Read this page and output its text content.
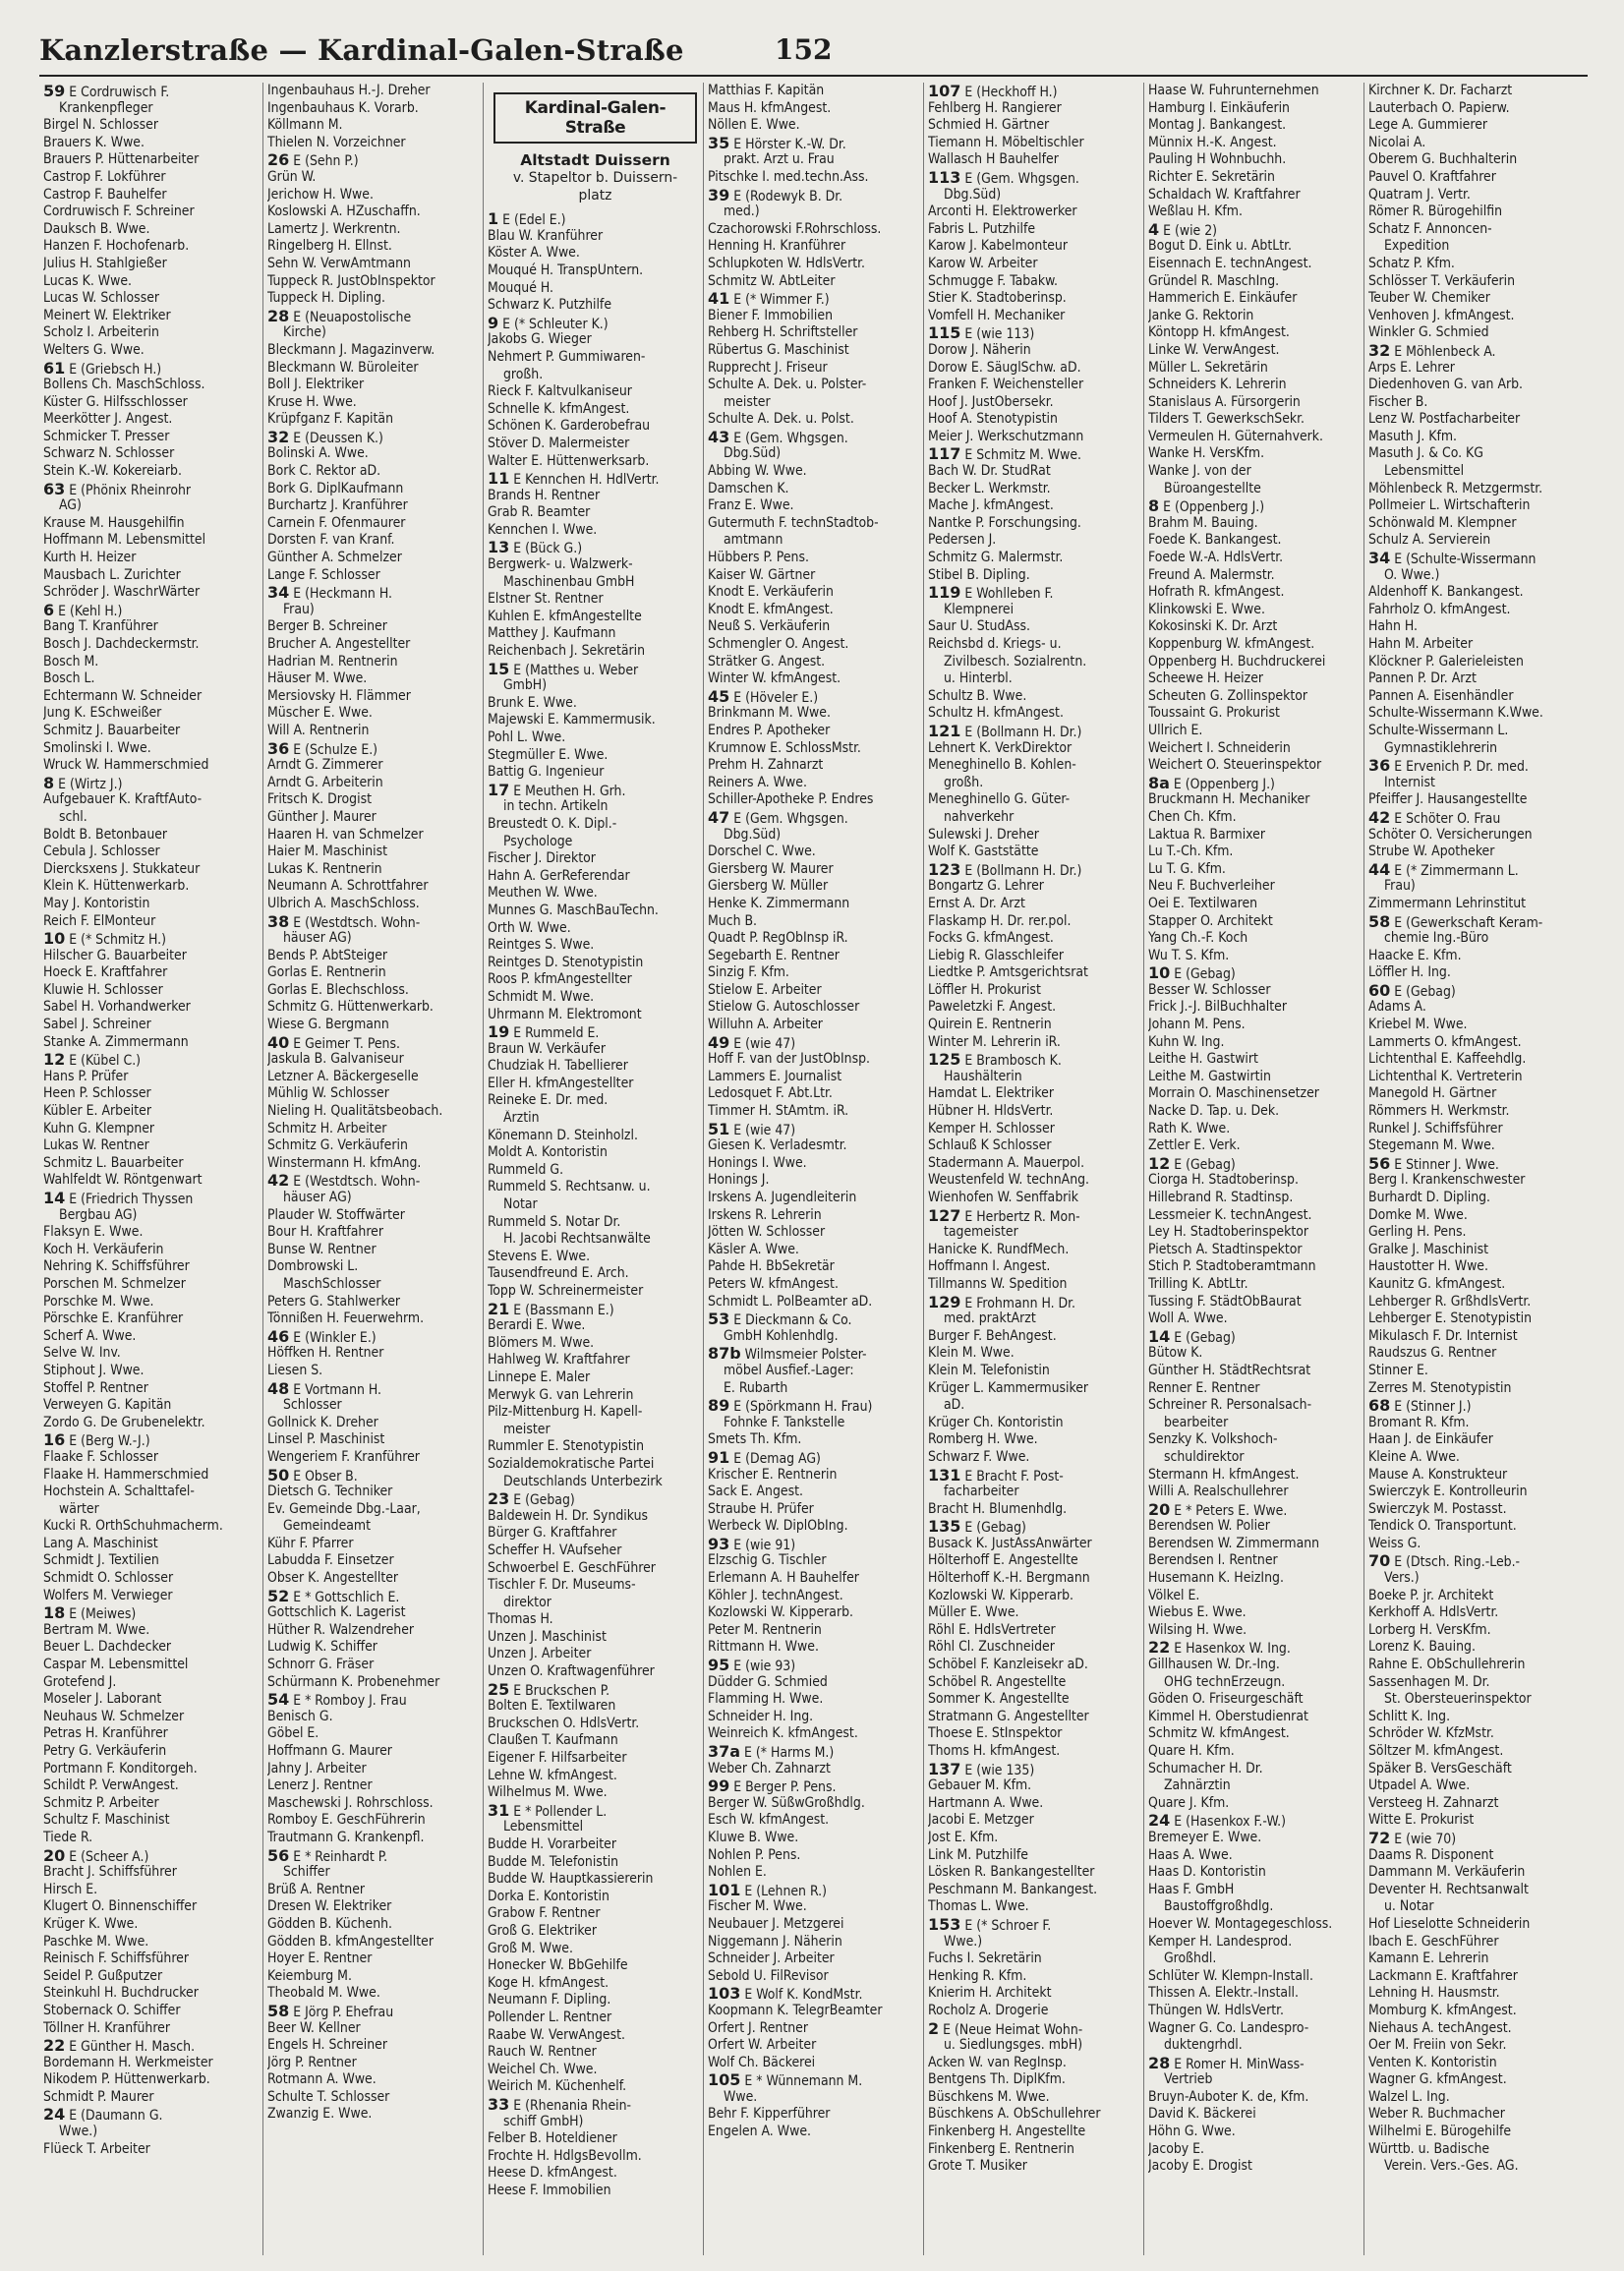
Kanzlerstraße — Kardinal-Galen-Straße	152
59 E Cordruwisch F.
Krankenpfleger
Birgel N. Schlosser
Brauers K. Wwe.
Brauers P. Hüttenarbeiter
Castrop F. Lokführer
Castrop F. Bauhelfer
Cordruwisch F. Schreiner
Dauksch B. Wwe.
Hanzen F. Hochofenarb.
Julius H. Stahlgießer
Lucas K. Wwe.
Lucas W. Schlosser
Meinert W. Elektriker
Scholz I. Arbeiterin
Welters G. Wwe.
61 E (Griebsch H.)
Bollens Ch. MaschSchloss.
Küster G. Hilfsschlosser
Meerkötter J. Angest.
Schmicker T. Presser
Schwarz N. Schlosser
Stein K.-W. Kokereiarb.
63 E (Phönix Rheinrohr
AG)
Krause M. Hausgehilfin
Hoffmann M. Lebensmittel
Kurth H. Heizer
Mausbach L. Zurichter
Schröder J. WaschrWärter
6 E (Kehl H.)
Bang T. Kranführer
Bosch J. Dachdeckermstr.
Bosch M.
Bosch L.
Echtermann W. Schneider
Jung K. ESchweißer
Schmitz J. Bauarbeiter
Smolinski I. Wwe.
Wruck W. Hammerschmied
8 E (Wirtz J.)
Aufgebauer K. KraftfAuto-
schl.
Boldt B. Betonbauer
Cebula J. Schlosser
Diercksxens J. Stukkateur
Klein K. Hüttenwerkarb.
May J. Kontoristin
Reich F. ElMonteur
10 E (* Schmitz H.)
Hilscher G. Bauarbeiter
Hoeck E. Kraftfahrer
Kluwie H. Schlosser
Sabel H. Vorhandwerker
Sabel J. Schreiner
Stanke A. Zimmermann
12 E (Kübel C.)
Hans P. Prüfer
Heen P. Schlosser
Kübler E. Arbeiter
Kuhn G. Klempner
Lukas W. Rentner
Schmitz L. Bauarbeiter
Wahlfeldt W. Röntgenwart
14 E (Friedrich Thyssen
Bergbau AG)
Flaksyn E. Wwe.
Koch H. Verkäuferin
Nehring K. Schiffsführer
Porschen M. Schmelzer
Porschke M. Wwe.
Pörschke E. Kranführer
Scherf A. Wwe.
Selve W. Inv.
Stiphout J. Wwe.
Stoffel P. Rentner
Verweyen G. Kapitän
Zordo G. De Grubenelektr.
16 E (Berg W.-J.)
Flaake F. Schlosser
Flaake H. Hammerschmied
Hochstein A. Schalttafel-
wärter
Kucki R. OrthSchuhmacherm.
Lang A. Maschinist
Schmidt J. Textilien
Schmidt O. Schlosser
Wolfers M. Verwieger
18 E (Meiwes)
Bertram M. Wwe.
Beuer L. Dachdecker
Caspar M. Lebensmittel
Grotefend J.
Moseler J. Laborant
Neuhaus W. Schmelzer
Petras H. Kranführer
Petry G. Verkäuferin
Portmann F. Konditorgeh.
Schildt P. VerwAngest.
Schmitz P. Arbeiter
Schultz F. Maschinist
Tiede R.
20 E (Scheer A.)
Bracht J. Schiffsführer
Hirsch E.
Klugert O. Binnenschiffer
Krüger K. Wwe.
Paschke M. Wwe.
Reinisch F. Schiffsführer
Seidel P. Gußputzer
Steinkuhl H. Buchdrucker
Stobernack O. Schiffer
Töllner H. Kranführer
22 E Günther H. Masch.
Bordemann H. Werkmeister
Nikodem P. Hüttenwerkarb.
Schmidt P. Maurer
24 E (Daumann G.
Wwe.)
Flüeck T. Arbeiter
Ingenbauhaus H.-J. Dreher
Ingenbauhaus K. Vorarb.
Köllmann M.
Thielen N. Vorzeichner
26 E (Sehn P.)
Grün W.
Jerichow H. Wwe.
Koslowski A. HZuschaffn.
Lamertz J. Werkrentn.
Ringelberg H. Ellnst.
Sehn W. VerwAmtmann
Tuppeck R. JustObInspektor
Tuppeck H. Dipling.
28 E (Neuapostolische
Kirche)
Bleckmann J. Magazinverw.
Bleckmann W. Büroleiter
Boll J. Elektriker
Kruse H. Wwe.
Krüpfganz F. Kapitän
32 E (Deussen K.)
Bolinski A. Wwe.
Bork C. Rektor aD.
Bork G. DiplKaufmann
Burchartz J. Kranführer
Carnein F. Ofenmaurer
Dorsten F. van Kranf.
Günther A. Schmelzer
Lange F. Schlosser
34 E (Heckmann H.
Frau)
Berger B. Schreiner
Brucher A. Angestellter
Hadrian M. Rentnerin
Häuser M. Wwe.
Mersiovsky H. Flämmer
Müscher E. Wwe.
Will A. Rentnerin
36 E (Schulze E.)
Arndt G. Zimmerer
Arndt G. Arbeiterin
Fritsch K. Drogist
Günther J. Maurer
Haaren H. van Schmelzer
Haier M. Maschinist
Lukas K. Rentnerin
Neumann A. Schrottfahrer
Ulbrich A. MaschSchloss.
38 E (Westdtsch. Wohn-
häuser AG)
Bends P. AbtSteiger
Gorlas E. Rentnerin
Gorlas E. Blechschloss.
Schmitz G. Hüttenwerkarb.
Wiese G. Bergmann
40 E Geimer T. Pens.
Jaskula B. Galvaniseur
Letzner A. Bäckergeselle
Mühlig W. Schlosser
Nieling H. Qualitätsbeobach.
Schmitz H. Arbeiter
Schmitz G. Verkäuferin
Winstermann H. kfmAng.
42 E (Westdtsch. Wohn-
häuser AG)
Plauder W. Stoffwärter
Bour H. Kraftfahrer
Bunse W. Rentner
Dombrowski L.
MaschSchlosser
Peters G. Stahlwerker
Tönnißen H. Feuerwehrm.
46 E (Winkler E.)
Höffken H. Rentner
Liesen S.
48 E Vortmann H.
Schlosser
Gollnick K. Dreher
Linsel P. Maschinist
Wengeriem F. Kranführer
50 E Obser B.
Dietsch G. Techniker
Ev. Gemeinde Dbg.-Laar,
Gemeindeamt
Kühr F. Pfarrer
Labudda F. Einsetzer
Obser K. Angestellter
52 E * Gottschlich E.
Gottschlich K. Lagerist
Hüther R. Walzendreher
Ludwig K. Schiffer
Schnorr G. Fräser
Schürmann K. Probenehmer
54 E * Romboy J. Frau
Benisch G.
Göbel E.
Hoffmann G. Maurer
Jahny J. Arbeiter
Lenerz J. Rentner
Maschewski J. Rohrschloss.
Romboy E. GeschFührerin
Trautmann G. Krankenpfl.
56 E * Reinhardt P.
Schiffer
Brüß A. Rentner
Dresen W. Elektriker
Gödden B. Küchenh.
Gödden B. kfmAngestellter
Hoyer E. Rentner
Keiemburg M.
Theobald M. Wwe.
58 E Jörg P. Ehefrau
Beer W. Kellner
Engels H. Schreiner
Jörg P. Rentner
Rotmann A. Wwe.
Schulte T. Schlosser
Zwanzig E. Wwe.
Kardinal-Galen-Straße
Altstadt Duissern
v. Stapeltor b. Duissern-
platz
1 E (Edel E.)
Blau W. Kranführer
Köster A. Wwe.
Mouqué H. TranspUntern.
Mouqué H.
Schwarz K. Putzhilfe
9 E (* Schleuter K.)
Jakobs G. Wieger
Nehmert P. Gummiwaren-
großh.
Rieck F. Kaltvulkaniseur
Schnelle K. kfmAngest.
Schönen K. Garderobefrau
Stöver D. Malermeister
Walter E. Hüttenwerksarb.
11 E Kennchen H. HdlVertr.
Brands H. Rentner
Grab R. Beamter
Kennchen I. Wwe.
13 E (Bück G.)
Bergwerk- u. Walzwerk-
Maschinenbau GmbH
Elstner St. Rentner
Kuhlen E. kfmAngestellte
Matthey J. Kaufmann
Reichenbach J. Sekretärin
15 E (Matthes u. Weber
GmbH)
Brunk E. Wwe.
Majewski E. Kammermusik.
Pohl L. Wwe.
Stegmüller E. Wwe.
Battig G. Ingenieur
17 E Meuthen H. Grh.
in techn. Artikeln
Breustedt O. K. Dipl.-
Psychologe
Fischer J. Direktor
Hahn A. GerReferendar
Meuthen W. Wwe.
Munnes G. MaschBauTechn.
Orth W. Wwe.
Reintges S. Wwe.
Reintges D. Stenotypistin
Roos P. kfmAngestellter
Schmidt M. Wwe.
Uhrmann M. Elektromont
19 E Rummeld E.
Braun W. Verkäufer
Chudziak H. Tabellierer
Eller H. kfmAngestellter
Reineke E. Dr. med.
Ärztin
Könemann D. Steinholzl.
Moldt A. Kontoristin
Rummeld G.
Rummeld S. Rechtsanw. u.
Notar
Rummeld S. Notar Dr.
H. Jacobi Rechtsanwälte
Stevens E. Wwe.
Tausendfreund E. Arch.
Topp W. Schreinermeister
21 E (Bassmann E.)
Berardi E. Wwe.
Blömers M. Wwe.
Hahlweg W. Kraftfahrer
Linnepe E. Maler
Merwyk G. van Lehrerin
Pilz-Mittenburg H. Kapell-
meister
Rummler E. Stenotypistin
Sozialdemokratische Partei
Deutschlands Unterbezirk
23 E (Gebag)
Baldewein H. Dr. Syndikus
Bürger G. Kraftfahrer
Scheffer H. VAufseher
Schwoerbel E. GeschFührer
Tischler F. Dr. Museums-
direktor
Thomas H.
Unzen J. Maschinist
Unzen J. Arbeiter
Unzen O. Kraftwagenführer
25 E Bruckschen P.
Bolten E. Textilwaren
Bruckschen O. HdlsVertr.
Claußen T. Kaufmann
Eigener F. Hilfsarbeiter
Lehne W. kfmAngest.
Wilhelmus M. Wwe.
31 E * Pollender L.
Lebensmittel
Budde H. Vorarbeiter
Budde M. Telefonistin
Budde W. Hauptkassiererin
Dorka E. Kontoristin
Grabow F. Rentner
Groß G. Elektriker
Groß M. Wwe.
Honecker W. BbGehilfe
Koge H. kfmAngest.
Neumann F. Dipling.
Pollender L. Rentner
Raabe W. VerwAngest.
Rauch W. Rentner
Weichel Ch. Wwe.
Weirich M. Küchenhelf.
33 E (Rhenania Rhein-
schiff GmbH)
Felber B. Hoteldiener
Frochte H. HdlgsBevollm.
Heese D. kfmAngest.
Heese F. Immobilien
Matthias F. Kapitän
Maus H. kfmAngest.
Nöllen E. Wwe.
35 E Hörster K.-W. Dr.
prakt. Arzt u. Frau
Pitschke I. med.techn.Ass.
39 E (Rodewyk B. Dr.
med.)
Czachorowski F.Rohrschloss.
Henning H. Kranführer
Schlupkoten W. HdlsVertr.
Schmitz W. AbtLeiter
41 E (* Wimmer F.)
Biener F. Immobilien
Rehberg H. Schriftsteller
Rübertus G. Maschinist
Rupprecht J. Friseur
Schulte A. Dek. u. Polster-
meister
Schulte A. Dek. u. Polst.
43 E (Gem. Whgsgen.
Dbg.Süd)
Abbing W. Wwe.
Damschen K.
Franz E. Wwe.
Gutermuth F. technStadtob-
amtmann
Hübbers P. Pens.
Kaiser W. Gärtner
Knodt E. Verkäuferin
Knodt E. kfmAngest.
Neuß S. Verkäuferin
Schmengler O. Angest.
Strätker G. Angest.
Winter W. kfmAngest.
45 E (Höveler E.)
Brinkmann M. Wwe.
Endres P. Apotheker
Krumnow E. SchlossMstr.
Prehm H. Zahnarzt
Reiners A. Wwe.
Schiller-Apotheke P. Endres
47 E (Gem. Whgsgen.
Dbg.Süd)
Dorschel C. Wwe.
Giersberg W. Maurer
Giersberg W. Müller
Henke K. Zimmermann
Much B.
Quadt P. RegObInsp iR.
Segebarth E. Rentner
Sinzig F. Kfm.
Stielow E. Arbeiter
Stielow G. Autoschlosser
Willuhn A. Arbeiter
49 E (wie 47)
Hoff F. van der JustObInsp.
Lammers E. Journalist
Ledosquet F. Abt.Ltr.
Timmer H. StAmtm. iR.
51 E (wie 47)
Giesen K. Verladesmtr.
Honings I. Wwe.
Honings J.
Irskens A. Jugendleiterin
Irskens R. Lehrerin
Jötten W. Schlosser
Käsler A. Wwe.
Pahde H. BbSekretär
Peters W. kfmAngest.
Schmidt L. PolBeamter aD.
53 E Dieckmann & Co.
GmbH Kohlenhdlg.
87b Wilmsmeier Polster-
möbel Ausfief.-Lager:
E. Rubarth
89 E (Spörkmann H. Frau)
Fohnke F. Tankstelle
Smets Th. Kfm.
91 E (Demag AG)
Krischer E. Rentnerin
Sack E. Angest.
Straube H. Prüfer
Werbeck W. DiplObIng.
93 E (wie 91)
Elzschig G. Tischler
Erlemann A. H Bauhelfer
Köhler J. technAngest.
Kozlowski W. Kipperarb.
Peter M. Rentnerin
Rittmann H. Wwe.
95 E (wie 93)
Düdder G. Schmied
Flamming H. Wwe.
Schneider H. Ing.
Weinreich K. kfmAngest.
37a E (* Harms M.)
Weber Ch. Zahnarzt
99 E Berger P. Pens.
Berger W. SüßwGroßhdlg.
Esch W. kfmAngest.
Kluwe B. Wwe.
Nohlen P. Pens.
Nohlen E.
101 E (Lehnen R.)
Fischer M. Wwe.
Neubauer J. Metzgerei
Niggemann J. Näherin
Schneider J. Arbeiter
Sebold U. FilRevisor
103 E Wolf K. KondMstr.
Koopmann K. TelegrBeamter
Orfert J. Rentner
Orfert W. Arbeiter
Wolf Ch. Bäckerei
105 E * Wünnemann M.
Wwe.
Behr F. Kipperführer
Engelen A. Wwe.
107 E (Heckhoff H.)
Fehlberg H. Rangierer
Schmied H. Gärtner
Tiemann H. Möbeltischler
Wallasch H Bauhelfer
113 E (Gem. Whgsgen.
Dbg.Süd)
Arconti H. Elektrowerker
Fabris L. Putzhilfe
Karow J. Kabelmonteur
Karow W. Arbeiter
Schmugge F. Tabakw.
Stier K. Stadtoberinsp.
Vomfell H. Mechaniker
115 E (wie 113)
Dorow J. Näherin
Dorow E. SäuglSchw. aD.
Franken F. Weichensteller
Hoof J. JustObersekr.
Hoof A. Stenotypistin
Meier J. Werkschutzmann
117 E Schmitz M. Wwe.
Bach W. Dr. StudRat
Becker L. Werkmstr.
Mache J. kfmAngest.
Nantke P. Forschungsing.
Pedersen J.
Schmitz G. Malermstr.
Stibel B. Dipling.
119 E Wohlleben F.
Klempnerei
Saur U. StudAss.
Reichsbd d. Kriegs- u.
Zivilbesch. Sozialrentn.
u. Hinterbl.
Schultz B. Wwe.
Schultz H. kfmAngest.
121 E (Bollmann H. Dr.)
Lehnert K. VerkDirektor
Meneghinello B. Kohlen-
großh.
Meneghinello G. Güter-
nahverkehr
Sulewski J. Dreher
Wolf K. Gaststätte
123 E (Bollmann H. Dr.)
Bongartz G. Lehrer
Ernst A. Dr. Arzt
Flaskamp H. Dr. rer.pol.
Focks G. kfmAngest.
Liebig R. Glasschleifer
Liedtke P. Amtsgerichtsrat
Löffler H. Prokurist
Paweletzki F. Angest.
Quirein E. Rentnerin
Winter M. Lehrerin iR.
125 E Brambosch K.
Haushälterin
Hamdat L. Elektriker
Hübner H. HldsVertr.
Kemper H. Schlosser
Schlauß K Schlosser
Stadermann A. Mauerpol.
Weustenfeld W. technAng.
Wienhofen W. Senffabrik
127 E Herbertz R. Mon-
tagemeister
Hanicke K. RundfMech.
Hoffmann I. Angest.
Tillmanns W. Spedition
129 E Frohmann H. Dr.
med. praktArzt
Burger F. BehAngest.
Klein M. Wwe.
Klein M. Telefonistin
Krüger L. Kammermusiker
aD.
Krüger Ch. Kontoristin
Romberg H. Wwe.
Schwarz F. Wwe.
131 E Bracht F. Post-
facharbeiter
Bracht H. Blumenhdlg.
135 E (Gebag)
Busack K. JustAssAnwärter
Hölterhoff E. Angestellte
Hölterhoff K.-H. Bergmann
Kozlowski W. Kipperarb.
Müller E. Wwe.
Röhl E. HdlsVertreter
Röhl Cl. Zuschneider
Schöbel F. Kanzleisekr aD.
Schöbel R. Angestellte
Sommer K. Angestellte
Stratmann G. Angestellter
Thoese E. StInspektor
Thoms H. kfmAngest.
137 E (wie 135)
Gebauer M. Kfm.
Hartmann A. Wwe.
Jacobi E. Metzger
Jost E. Kfm.
Link M. Putzhilfe
Lösken R. Bankangestellter
Peschmann M. Bankangest.
Thomas L. Wwe.
153 E (* Schroer F.
Wwe.)
Fuchs I. Sekretärin
Henking R. Kfm.
Knierim H. Architekt
Rocholz A. Drogerie
2 E (Neue Heimat Wohn-
u. Siedlungsges. mbH)
Acken W. van RegInsp.
Bentgens Th. DiplKfm.
Büschkens M. Wwe.
Büschkens A. ObSchullehrer
Finkenberg H. Angestellte
Finkenberg E. Rentnerin
Grote T. Musiker
Haase W. Fuhrunternehmen
Hamburg I. Einkäuferin
Montag J. Bankangest.
Münnix H.-K. Angest.
Pauling H Wohnbuchh.
Richter E. Sekretärin
Schaldach W. Kraftfahrer
Weßlau H. Kfm.
4 E (wie 2)
Bogut D. Eink u. AbtLtr.
Eisennach E. technAngest.
Gründel R. MaschIng.
Hammerich E. Einkäufer
Janke G. Rektorin
Köntopp H. kfmAngest.
Linke W. VerwAngest.
Müller L. Sekretärin
Schneiders K. Lehrerin
Stanislaus A. Fürsorgerin
Tilders T. GewerkschSekr.
Vermeulen H. Güternahverk.
Wanke H. VersKfm.
Wanke J. von der
Büroangestellte
8 E (Oppenberg J.)
Brahm M. Bauing.
Foede K. Bankangest.
Foede W.-A. HdlsVertr.
Freund A. Malermstr.
Hofrath R. kfmAngest.
Klinkowski E. Wwe.
Kokosinski K. Dr. Arzt
Koppenburg W. kfmAngest.
Oppenberg H. Buchdruckerei
Scheewe H. Heizer
Scheuten G. Zollinspektor
Toussaint G. Prokurist
Ullrich E.
Weichert I. Schneiderin
Weichert O. Steuerinspektor
8a E (Oppenberg J.)
Bruckmann H. Mechaniker
Chen Ch. Kfm.
Laktua R. Barmixer
Lu T.-Ch. Kfm.
Lu T. G. Kfm.
Neu F. Buchverleiher
Oei E. Textilwaren
Stapper O. Architekt
Yang Ch.-F. Koch
Wu T. S. Kfm.
10 E (Gebag)
Besser W. Schlosser
Frick J.-J. BilBuchhalter
Johann M. Pens.
Kuhn W. Ing.
Leithe H. Gastwirt
Leithe M. Gastwirtin
Morrain O. Maschinensetzer
Nacke D. Tap. u. Dek.
Rath K. Wwe.
Zettler E. Verk.
12 E (Gebag)
Ciorga H. Stadtoberinsp.
Hillebrand R. Stadtinsp.
Lessmeier K. technAngest.
Ley H. Stadtoberinspektor
Pietsch A. Stadtinspektor
Stich P. Stadtoberamtmann
Trilling K. AbtLtr.
Tussing F. StädtObBaurat
Woll A. Wwe.
14 E (Gebag)
Bütow K.
Günther H. StädtRechtsrat
Renner E. Rentner
Schreiner R. Personalsach-
bearbeiter
Senzky K. Volkshoch-
schuldirektor
Stermann H. kfmAngest.
Willi A. Realschullehrer
20 E * Peters E. Wwe.
Berendsen W. Polier
Berendsen W. Zimmermann
Berendsen I. Rentner
Husemann K. HeizIng.
Völkel E.
Wiebus E. Wwe.
Wilsing H. Wwe.
22 E Hasenkox W. Ing.
Gillhausen W. Dr.-Ing.
OHG technErzeugn.
Göden O. Friseurgeschäft
Kimmel H. Oberstudienrat
Schmitz W. kfmAngest.
Quare H. Kfm.
Schumacher H. Dr.
Zahnärztin
Quare J. Kfm.
24 E (Hasenkox F.-W.)
Bremeyer E. Wwe.
Haas A. Wwe.
Haas D. Kontoristin
Haas F. GmbH
Baustoffgroßhdlg.
Hoever W. Montagegeschloss.
Kemper H. Landesprod.
Großhdl.
Schlüter W. Klempn-Install.
Thissen A. Elektr.-Install.
Thüngen W. HdlsVertr.
Wagner G. Co. Landespro-
duktengrhdl.
28 E Romer H. MinWass-
Vertrieb
Bruyn-Auboter K. de, Kfm.
David K. Bäckerei
Höhn G. Wwe.
Jacoby E.
Jacoby E. Drogist
Kirchner K. Dr. Facharzt
Lauterbach O. Papierw.
Lege A. Gummierer
Nicolai A.
Oberem G. Buchhalterin
Pauvel O. Kraftfahrer
Quatram J. Vertr.
Römer R. Bürogehilfin
Schatz F. Annoncen-
Expedition
Schatz P. Kfm.
Schlösser T. Verkäuferin
Teuber W. Chemiker
Venhoven J. kfmAngest.
Winkler G. Schmied
32 E Möhlenbeck A.
Arps E. Lehrer
Diedenhoven G. van Arb.
Fischer B.
Lenz W. Postfacharbeiter
Masuth J. Kfm.
Masuth J. & Co. KG
Lebensmittel
Möhlenbeck R. Metzgermstr.
Pollmeier L. Wirtschafterin
Schönwald M. Klempner
Schulz A. Servierein
34 E (Schulte-Wissermann
O. Wwe.)
Aldenhoff K. Bankangest.
Fahrholz O. kfmAngest.
Hahn H.
Hahn M. Arbeiter
Klöckner P. Galerieleisten
Pannen P. Dr. Arzt
Pannen A. Eisenhändler
Schulte-Wissermann K.Wwe.
Schulte-Wissermann L.
Gymnastiklehrerin
36 E Ervenich P. Dr. med.
Internist
Pfeiffer J. Hausangestellte
42 E Schöter O. Frau
Schöter O. Versicherungen
Strube W. Apotheker
44 E (* Zimmermann L.
Frau)
Zimmermann Lehrinstitut
58 E (Gewerkschaft Keram-
chemie Ing.-Büro
Haacke E. Kfm.
Löffler H. Ing.
60 E (Gebag)
Adams A.
Kriebel M. Wwe.
Lammerts O. kfmAngest.
Lichtenthal E. Kaffeehdlg.
Lichtenthal K. Vertreterin
Manegold H. Gärtner
Römmers H. Werkmstr.
Runkel J. Schiffsführer
Stegemann M. Wwe.
56 E Stinner J. Wwe.
Berg I. Krankenschwester
Burhardt D. Dipling.
Domke M. Wwe.
Gerling H. Pens.
Gralke J. Maschinist
Haustotter H. Wwe.
Kaunitz G. kfmAngest.
Lehberger R. GrßhdlsVertr.
Lehberger E. Stenotypistin
Mikulasch F. Dr. Internist
Raudszus G. Rentner
Stinner E.
Zerres M. Stenotypistin
68 E (Stinner J.)
Bromant R. Kfm.
Haan J. de Einkäufer
Kleine A. Wwe.
Mause A. Konstrukteur
Swierczyk E. Kontrolleurin
Swierczyk M. Postasst.
Tendick O. Transportunt.
Weiss G.
70 E (Dtsch. Ring.-Leb.-
Vers.)
Boeke P. jr. Architekt
Kerkhoff A. HdlsVertr.
Lorberg H. VersKfm.
Lorenz K. Bauing.
Rahne E. ObSchullehrerin
Sassenhagen M. Dr.
St. Obersteuerinspektor
Schlitt K. Ing.
Schröder W. KfzMstr.
Söltzer M. kfmAngest.
Späker B. VersGeschäft
Utpadel A. Wwe.
Versteeg H. Zahnarzt
Witte E. Prokurist
72 E (wie 70)
Daams R. Disponent
Dammann M. Verkäuferin
Deventer H. Rechtsanwalt
u. Notar
Hof Lieselotte Schneiderin
Ibach E. GeschFührer
Kamann E. Lehrerin
Lackmann E. Kraftfahrer
Lehning H. Hausmstr.
Momburg K. kfmAngest.
Niehaus A. techAngest.
Oer M. Freiin von Sekr.
Venten K. Kontoristin
Wagner G. kfmAngest.
Walzel L. Ing.
Weber R. Buchmacher
Wilhelmi E. Bürogehilfe
Württb. u. Badische
Verein. Vers.-Ges. AG.
